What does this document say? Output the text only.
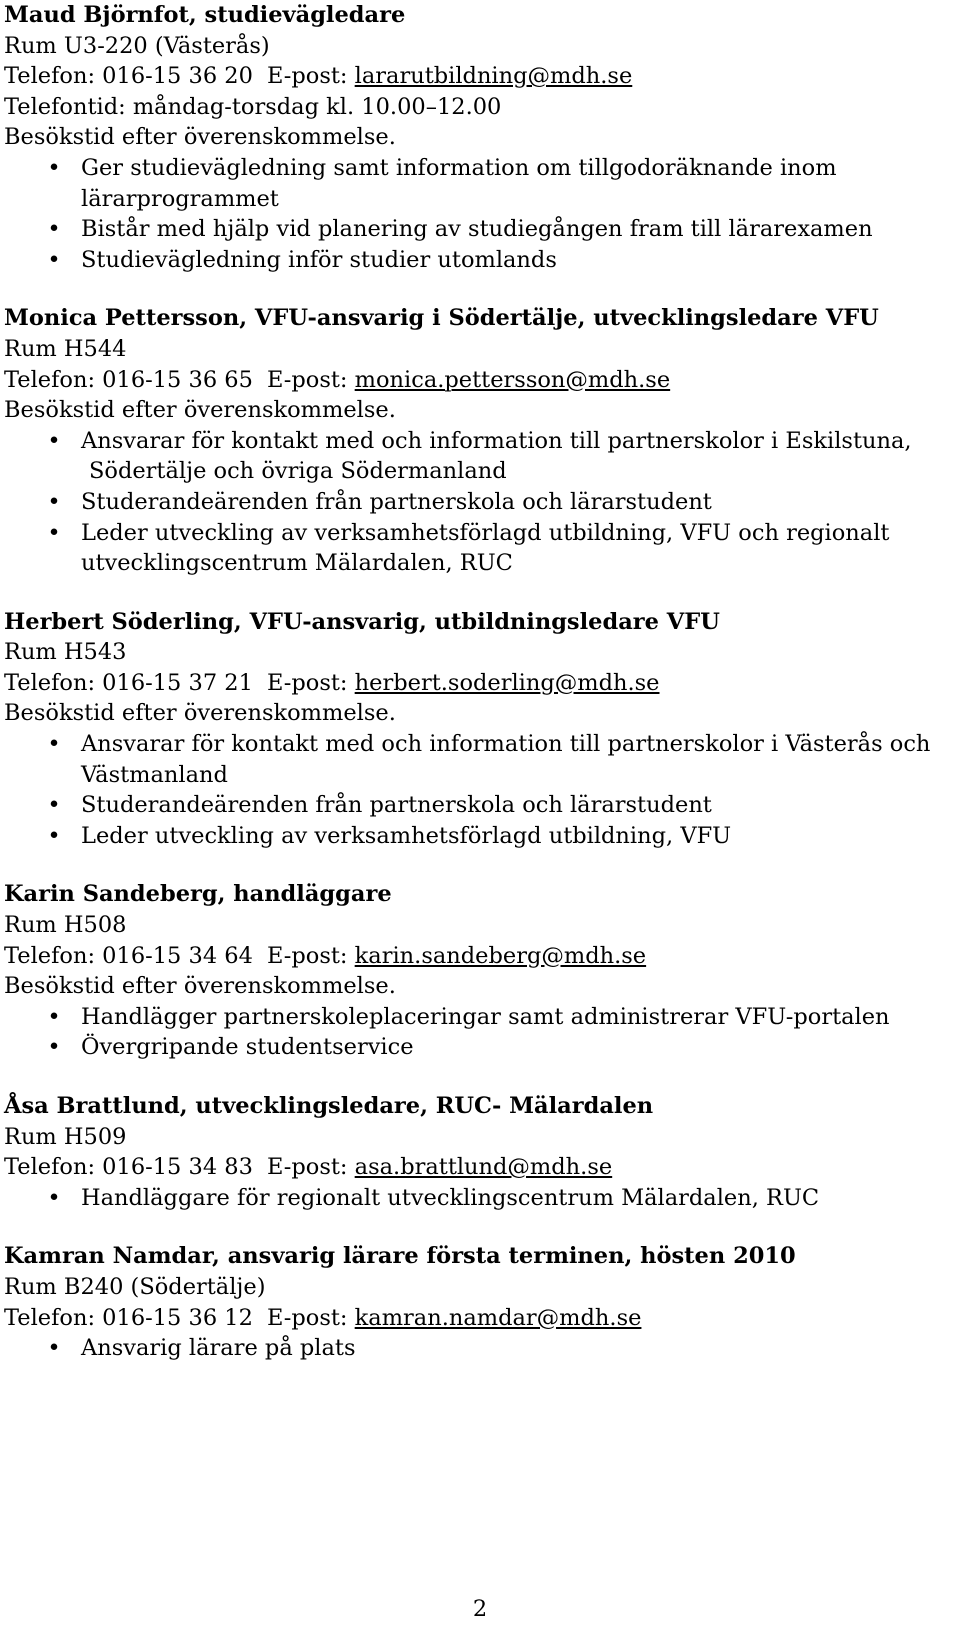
Maud Björnfot, studievägledare
Rum U3-220 (Västerås)
Telefon: 016-15 36 20 E-post: lararutbildning@mdh.se
Telefontid: måndag-torsdag kl. 10.00–12.00
Besökstid efter överenskommelse.
• Ger studievägledning samt information om tillgodoräknande inom
lärarprogrammet
• Bistår med hjälp vid planering av studiegången fram till lärarexamen
• Studievägledning inför studier utomlands
Monica Pettersson, VFU-ansvarig i Södertälje, utvecklingsledare VFU
Rum H544
Telefon: 016-15 36 65 E-post: monica.pettersson@mdh.se
Besökstid efter överenskommelse.
• Ansvarar för kontakt med och information till partnerskolor i Eskilstuna,
Södertälje och övriga Södermanland
• Studerandeärenden från partnerskola och lärarstudent
• Leder utveckling av verksamhetsförlagd utbildning, VFU och regionalt
utvecklingscentrum Mälardalen, RUC
Herbert Söderling, VFU-ansvarig, utbildningsledare VFU
Rum H543
Telefon: 016-15 37 21 E-post: herbert.soderling@mdh.se
Besökstid efter överenskommelse.
• Ansvarar för kontakt med och information till partnerskolor i Västerås och
Västmanland
• Studerandeärenden från partnerskola och lärarstudent
• Leder utveckling av verksamhetsförlagd utbildning, VFU
Karin Sandeberg, handläggare
Rum H508
Telefon: 016-15 34 64 E-post: karin.sandeberg@mdh.se
Besökstid efter överenskommelse.
• Handlägger partnerskoleplaceringar samt administrerar VFU-portalen
• Övergripande studentservice
Åsa Brattlund, utvecklingsledare, RUC- Mälardalen
Rum H509
Telefon: 016-15 34 83 E-post: asa.brattlund@mdh.se
• Handläggare för regionalt utvecklingscentrum Mälardalen, RUC
Kamran Namdar, ansvarig lärare första terminen, hösten 2010
Rum B240 (Södertälje)
Telefon: 016-15 36 12 E-post: kamran.namdar@mdh.se
• Ansvarig lärare på plats
2
